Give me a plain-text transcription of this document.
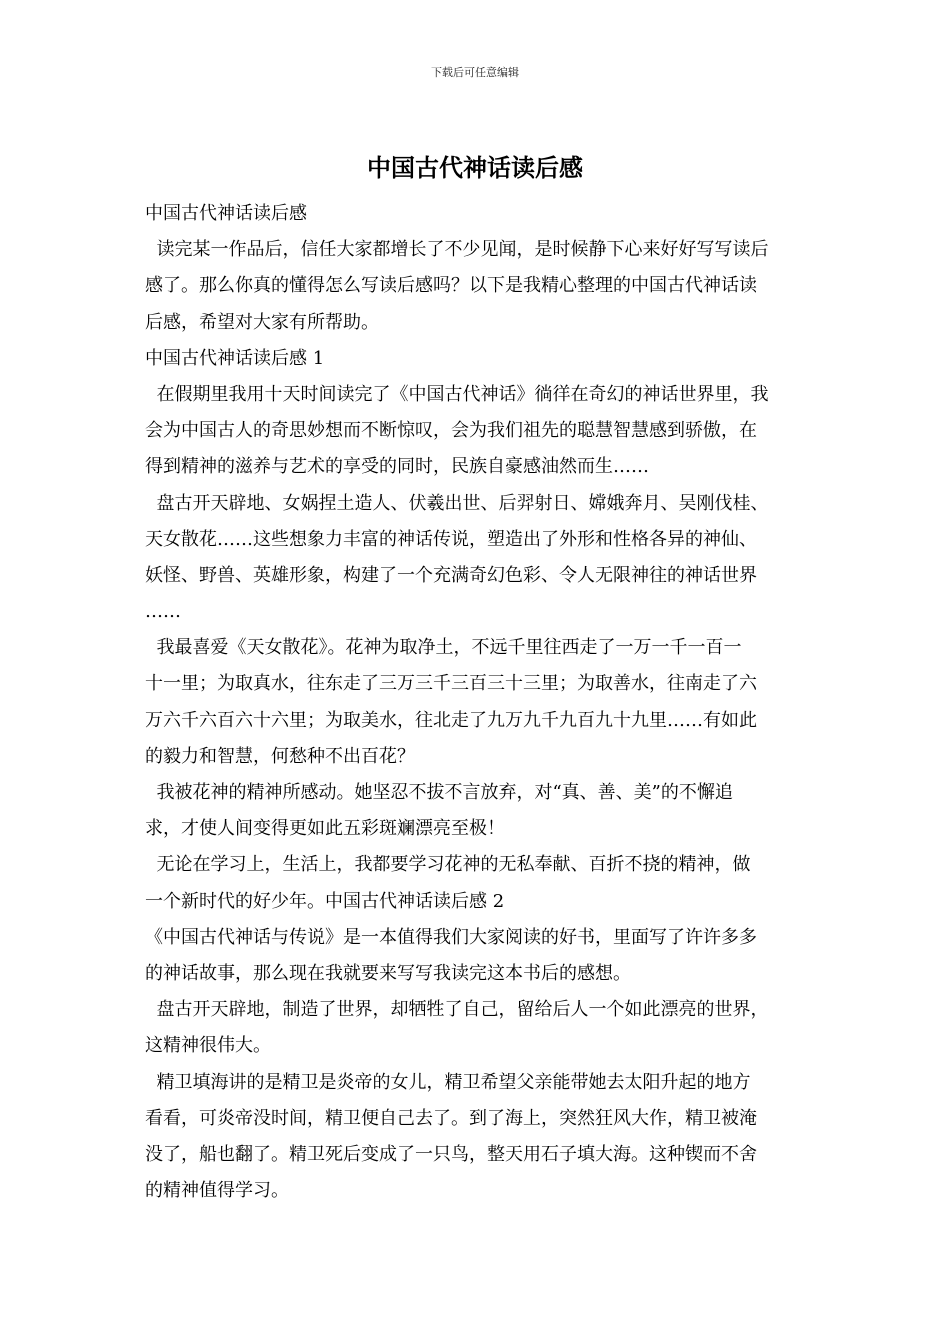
下载后可任意编辑
中国古代神话读后感
中国古代神话读后感
读完某一作品后，信任大家都增长了不少见闻，是时候静下心来好好写写读后
感了。那么你真的懂得怎么写读后感吗？以下是我精心整理的中国古代神话读
后感，希望对大家有所帮助。
中国古代神话读后感 1
在假期里我用十天时间读完了《中国古代神话》徜徉在奇幻的神话世界里，我
会为中国古人的奇思妙想而不断惊叹，会为我们祖先的聪慧智慧感到骄傲，在
得到精神的滋养与艺术的享受的同时，民族自豪感油然而生……
盘古开天辟地、女娲捏土造人、伏羲出世、后羿射日、嫦娥奔月、吴刚伐桂、
天女散花……这些想象力丰富的神话传说，塑造出了外形和性格各异的神仙、
妖怪、野兽、英雄形象，构建了一个充满奇幻色彩、令人无限神往的神话世界
……
我最喜爱《天女散花》。花神为取净土，不远千里往西走了一万一千一百一
十一里；为取真水，往东走了三万三千三百三十三里；为取善水，往南走了六
万六千六百六十六里；为取美水，往北走了九万九千九百九十九里……有如此
的毅力和智慧，何愁种不出百花？
我被花神的精神所感动。她坚忍不拔不言放弃，对“真、善、美”的不懈追
求，才使人间变得更如此五彩斑斓漂亮至极！
无论在学习上，生活上，我都要学习花神的无私奉献、百折不挠的精神，做
一个新时代的好少年。中国古代神话读后感 2
《中国古代神话与传说》是一本值得我们大家阅读的好书，里面写了许许多多
的神话故事，那么现在我就要来写写我读完这本书后的感想。
盘古开天辟地，制造了世界，却牺牲了自己，留给后人一个如此漂亮的世界，
这精神很伟大。
精卫填海讲的是精卫是炎帝的女儿，精卫希望父亲能带她去太阳升起的地方
看看，可炎帝没时间，精卫便自己去了。到了海上，突然狂风大作，精卫被淹
没了，船也翻了。精卫死后变成了一只鸟，整天用石子填大海。这种锲而不舍
的精神值得学习。
